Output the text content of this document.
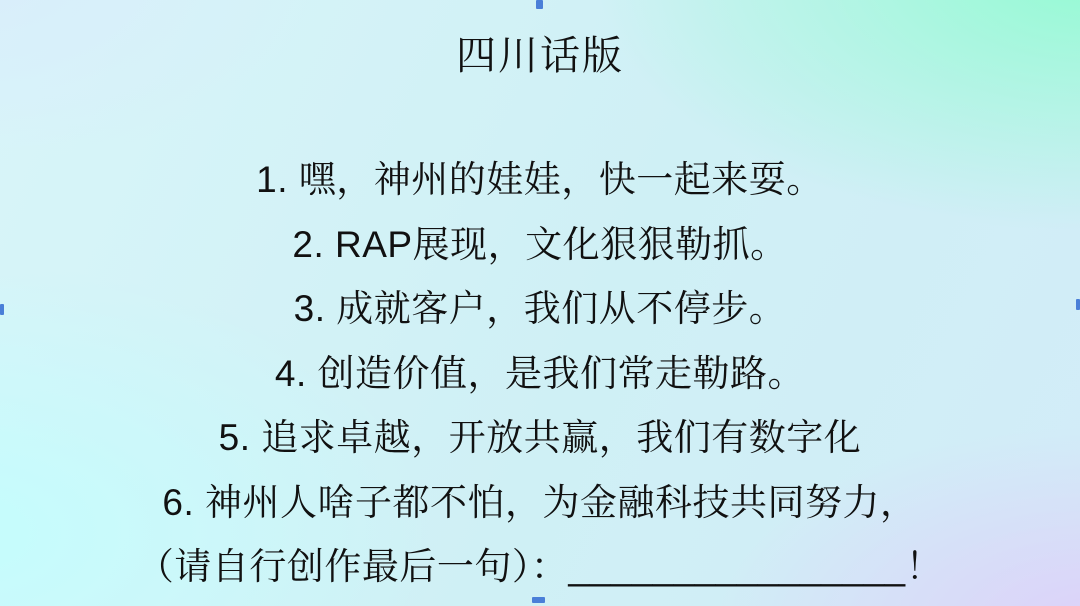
四川话版
1. 嘿，神州的娃娃，快一起来耍。
2. RAP展现，文化狠狠勒抓。
3. 成就客户，我们从不停步。
4. 创造价值，是我们常走勒路。
5. 追求卓越，开放共赢，我们有数字化
6. 神州人啥子都不怕，为金融科技共同努力，
（请自行创作最后一句）：________________！
